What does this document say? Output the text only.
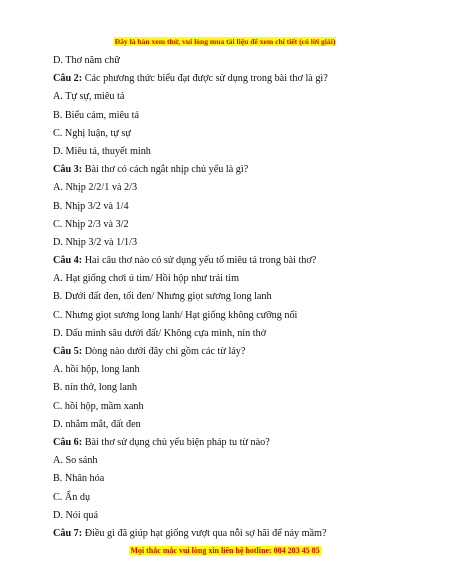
Đây là bản xem thử, vui lòng mua tài liệu để xem chi tiết (có lời giải)
D. Thơ năm chữ
Câu 2: Các phương thức biểu đạt được sử dụng trong bài thơ là gì?
A. Tự sự, miêu tả
B. Biểu cảm, miêu tả
C. Nghị luận, tự sự
D. Miêu tả, thuyết minh
Câu 3: Bài thơ có cách ngắt nhịp chủ yếu là gì?
A. Nhịp 2/2/1 và 2/3
B. Nhịp 3/2 và 1/4
C. Nhịp 2/3 và 3/2
D. Nhịp 3/2 và 1/1/3
Câu 4: Hai câu thơ nào có sử dụng yếu tố miêu tả trong bài thơ?
A. Hạt giống chơi ú tim/ Hồi hộp như trái tim
B. Dưới đất đen, tối đen/ Nhưng giọt sương long lanh
C. Nhưng giọt sương long lanh/ Hạt giống không cưỡng nổi
D. Dấu mình sâu dưới đất/ Không cựa mình, nín thở
Câu 5: Dòng nào dưới đây chỉ gồm các từ láy?
A. hồi hộp, long lanh
B. nín thở, long lanh
C. hồi hộp, mầm xanh
D. nhắm mắt, đất đen
Câu 6: Bài thơ sử dụng chủ yếu biện pháp tu từ nào?
A. So sánh
B. Nhân hóa
C. Ẩn dụ
D. Nói quá
Câu 7: Điều gì đã giúp hạt giống vượt qua nỗi sợ hãi để nảy mầm?
Mọi thắc mắc vui lòng xin liên hệ hotline: 084 283 45 85
